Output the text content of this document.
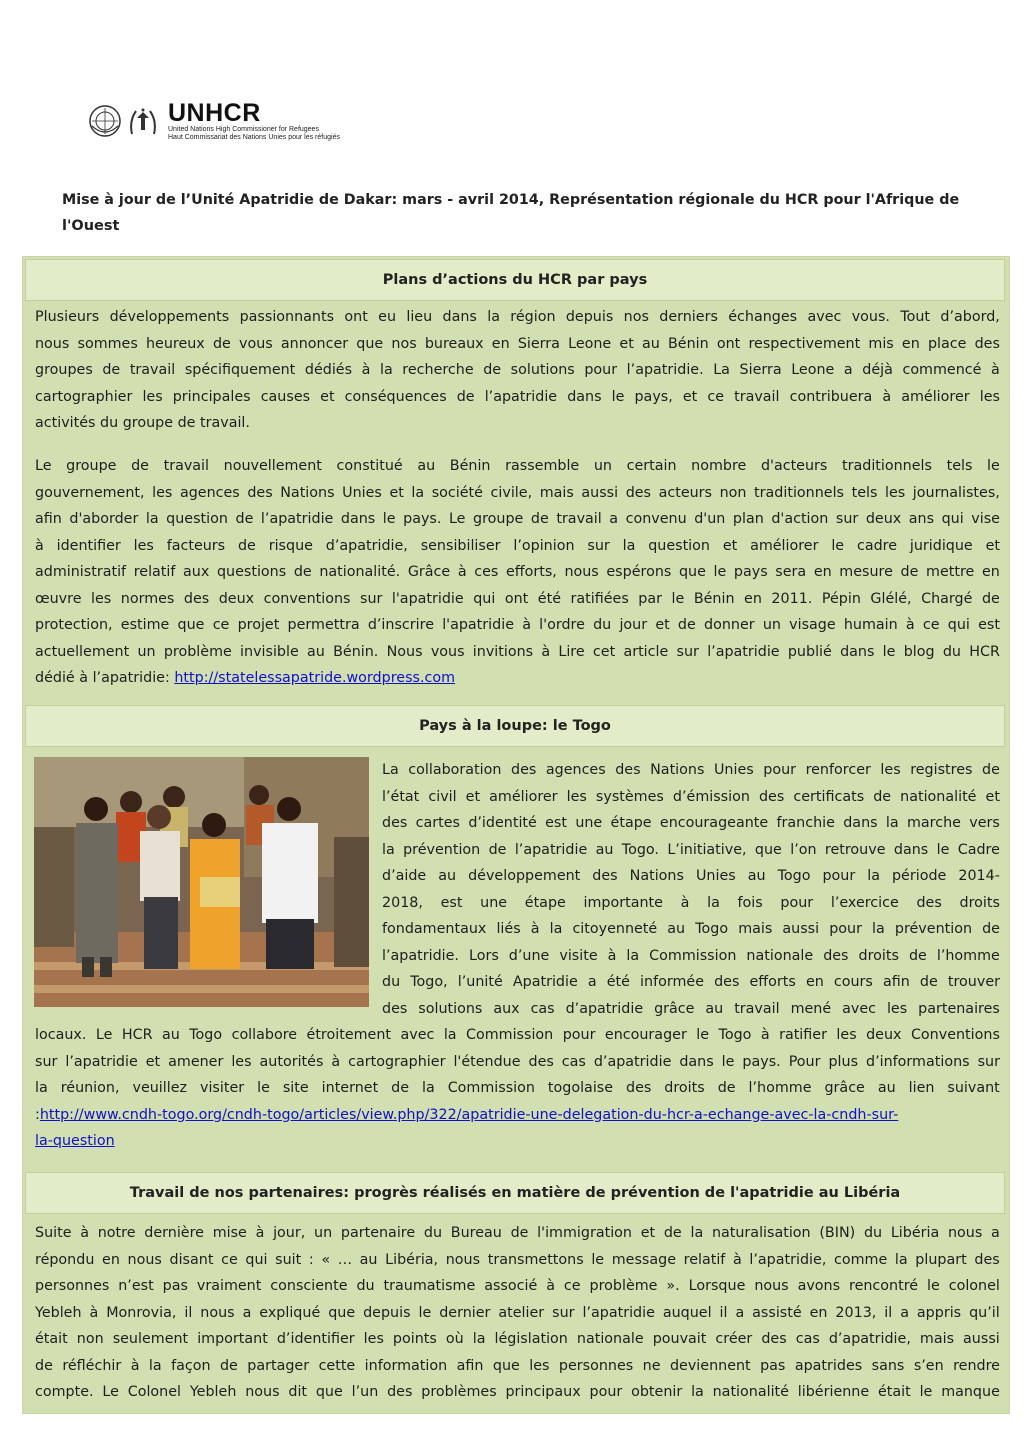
UNHCR
United Nations High Commissioner for Refugees
Haut Commissariat des Nations Unies pour les réfugiés
Mise à jour de l’Unité Apatridie de Dakar: mars - avril 2014, Représentation régionale du HCR pour l'Afrique de
l'Ouest
Plans d’actions du HCR par pays
Plusieurs développements passionnants ont eu lieu dans la région depuis nos derniers échanges avec vous. Tout d’abord,
nous sommes heureux de vous annoncer que nos bureaux en Sierra Leone et au Bénin ont respectivement mis en place des
groupes de travail spécifiquement dédiés à la recherche de solutions pour l’apatridie. La Sierra Leone a déjà commencé à
cartographier les principales causes et conséquences de l’apatridie dans le pays, et ce travail contribuera à améliorer les
activités du groupe de travail.
Le groupe de travail nouvellement constitué au Bénin rassemble un certain nombre d'acteurs traditionnels tels le
gouvernement, les agences des Nations Unies et la société civile, mais aussi des acteurs non traditionnels tels les journalistes,
afin d'aborder la question de l’apatridie dans le pays. Le groupe de travail a convenu d'un plan d'action sur deux ans qui vise
à identifier les facteurs de risque d’apatridie, sensibiliser l’opinion sur la question et améliorer le cadre juridique et
administratif relatif aux questions de nationalité. Grâce à ces efforts, nous espérons que le pays sera en mesure de mettre en
œuvre les normes des deux conventions sur l'apatridie qui ont été ratifiées par le Bénin en 2011. Pépin Glélé, Chargé de
protection, estime que ce projet permettra d’inscrire l'apatridie à l'ordre du jour et de donner un visage humain à ce qui est
actuellement un problème invisible au Bénin. Nous vous invitions à Lire cet article sur l’apatridie publié dans le blog du HCR
dédié à l’apatridie: http://statelessapatride.wordpress.com
Pays à la loupe: le Togo
La collaboration des agences des Nations Unies pour renforcer les registres de
l’état civil et améliorer les systèmes d’émission des certificats de nationalité et
des cartes d’identité est une étape encourageante franchie dans la marche vers
la prévention de l’apatridie au Togo. L’initiative, que l’on retrouve dans le Cadre
d’aide au développement des Nations Unies au Togo pour la période 2014-
2018, est une étape importante à la fois pour l’exercice des droits
fondamentaux liés à la citoyenneté au Togo mais aussi pour la prévention de
l’apatridie. Lors d’une visite à la Commission nationale des droits de l’homme
du Togo, l’unité Apatridie a été informée des efforts en cours afin de trouver
des solutions aux cas d’apatridie grâce au travail mené avec les partenaires
locaux. Le HCR au Togo collabore étroitement avec la Commission pour encourager le Togo à ratifier les deux Conventions
sur l’apatridie et amener les autorités à cartographier l'étendue des cas d’apatridie dans le pays. Pour plus d’informations sur
la réunion, veuillez visiter le site internet de la Commission togolaise des droits de l’homme grâce au lien suivant
:http://www.cndh-togo.org/cndh-togo/articles/view.php/322/apatridie-une-delegation-du-hcr-a-echange-avec-la-cndh-sur-
la-question
Travail de nos partenaires: progrès réalisés en matière de prévention de l'apatridie au Libéria
Suite à notre dernière mise à jour, un partenaire du Bureau de l'immigration et de la naturalisation (BIN) du Libéria nous a
répondu en nous disant ce qui suit : « … au Libéria, nous transmettons le message relatif à l’apatridie, comme la plupart des
personnes n’est pas vraiment consciente du traumatisme associé à ce problème ». Lorsque nous avons rencontré le colonel
Yebleh à Monrovia, il nous a expliqué que depuis le dernier atelier sur l’apatridie auquel il a assisté en 2013, il a appris qu’il
était non seulement important d’identifier les points où la législation nationale pouvait créer des cas d’apatridie, mais aussi
de réfléchir à la façon de partager cette information afin que les personnes ne deviennent pas apatrides sans s’en rendre
compte. Le Colonel Yebleh nous dit que l’un des problèmes principaux pour obtenir la nationalité libérienne était le manque
